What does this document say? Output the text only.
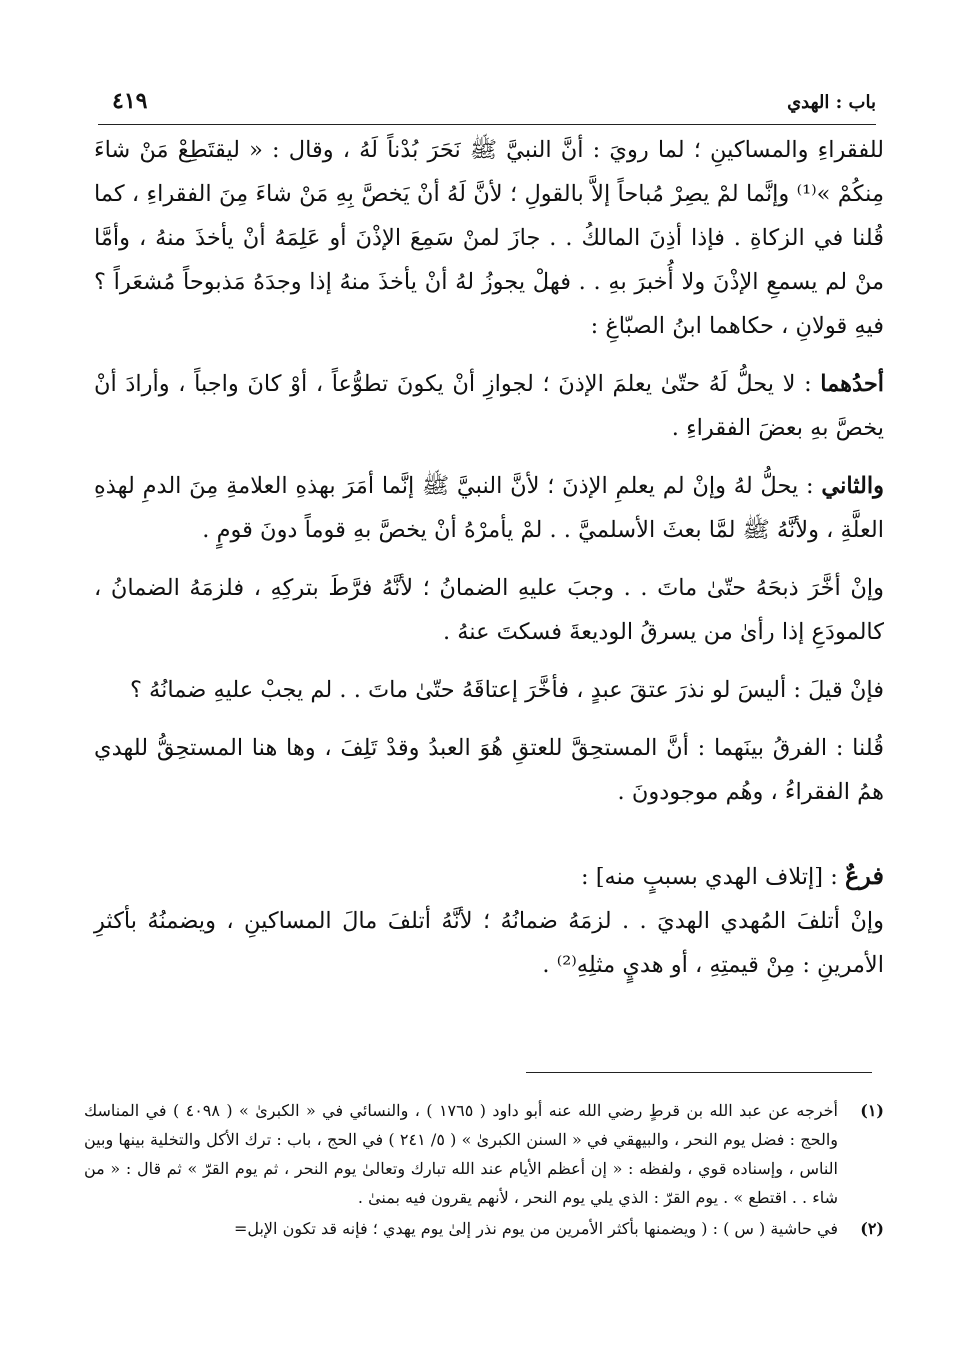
باب : الهدي
٤١٩

للفقراءِ والمساكينِ ؛ لما رويَ : أنَّ النبيَّ ﷺ نَحَرَ بُدْناً لَهُ ، وقال : « ليقتَطِعْ مَنْ شاءَ مِنكُمْ »⁽¹⁾ وإنَّما لمْ يصِرْ مُباحاً إلاَّ بالقولِ ؛ لأنَّ لَهُ أنْ يَخصَّ بِهِ مَنْ شاءَ مِنَ الفقراءِ ، كما قُلنا في الزكاةِ . فإذا أذِنَ المالكُ . . جازَ لمنْ سَمِعَ الإذْنَ أو عَلِمَهُ أنْ يأخذَ منهُ ، وأمَّا منْ لم يسمعِ الإذْنَ ولا أُخبرَ بهِ . . فهلْ يجوزُ لهُ أنْ يأخذَ منهُ إذا وجدَهُ مَذبوحاً مُشعَراً ؟ فيهِ قولانِ ، حكاهما ابنُ الصبّاغِ :

أحدُهما : لا يحلُّ لَهُ حتّىٰ يعلمَ الإذنَ ؛ لجوازِ أنْ يكونَ تطوُّعاً ، أوْ كانَ واجباً ، وأرادَ أنْ يخصَّ بهِ بعضَ الفقراءِ .

والثاني : يحلُّ لهُ وإنْ لم يعلمِ الإذنَ ؛ لأنَّ النبيَّ ﷺ إنَّما أمَرَ بهذهِ العلامةِ مِنَ الدمِ لهذهِ العلَّةِ ، ولأنَّهُ ﷺ لمَّا بعثَ الأسلميَّ . . لمْ يأمرْهُ أنْ يخصَّ بهِ قوماً دونَ قومٍ .

وإنْ أخَّرَ ذبحَهُ حتّىٰ ماتَ . . وجبَ عليهِ الضمانُ ؛ لأنَّهُ فرَّطَ بتركِهِ ، فلزمَهُ الضمانُ ، كالمودَعِ إذا رأىٰ من يسرقُ الوديعةَ فسكتَ عنهُ .

فإنْ قيلَ : أليسَ لو نذرَ عتقَ عبدٍ ، فأخَّرَ إعتاقَهُ حتّىٰ ماتَ . . لم يجبْ عليهِ ضمانُهُ ؟

قُلنا : الفرقُ بينَهما : أنَّ المستحِقَّ للعتقِ هُوَ العبدُ وقدْ تَلِفَ ، وها هنا المستحِقُّ للهدي همُ الفقراءُ ، وهُم موجودونَ .

فرعٌ : [إتلاف الهدي بسببٍ منه] :

وإنْ أتلفَ المُهدي الهديَ . . لزمَهُ ضمانُهُ ؛ لأنَّهُ أتلفَ مالَ المساكينِ ، ويضمنُهُ بأكثرِ الأمرينِ : مِنْ قيمتِهِ ، أو هديٍ مثلِهِ⁽²⁾ .

(١)
أخرجه عن عبد الله بن قرطٍ رضي الله عنه أبو داود ( ١٧٦٥ ) ، والنسائي في « الكبرىٰ » ( ٤٠٩٨ ) في المناسك والحج : فضل يوم النحر ، والبيهقي في « السنن الكبرىٰ » ( ٥/ ٢٤١ ) في الحج ، باب : ترك الأكل والتخلية بينها وبين الناس ، وإسناده قوي ، ولفظه : « إن أعظم الأيام عند الله تبارك وتعالىٰ يوم النحر ، ثم يوم القرّ » ثم قال : « من شاء . . اقتطع » . يوم القرّ : الذي يلي يوم النحر ، لأنهم يقرون فيه بمنىٰ .
(٢)
في حاشية ( س ) : ( ويضمنها بأكثر الأمرين من يوم نذر إلىٰ يوم يهدي ؛ فإنه قد تكون الإبل=
